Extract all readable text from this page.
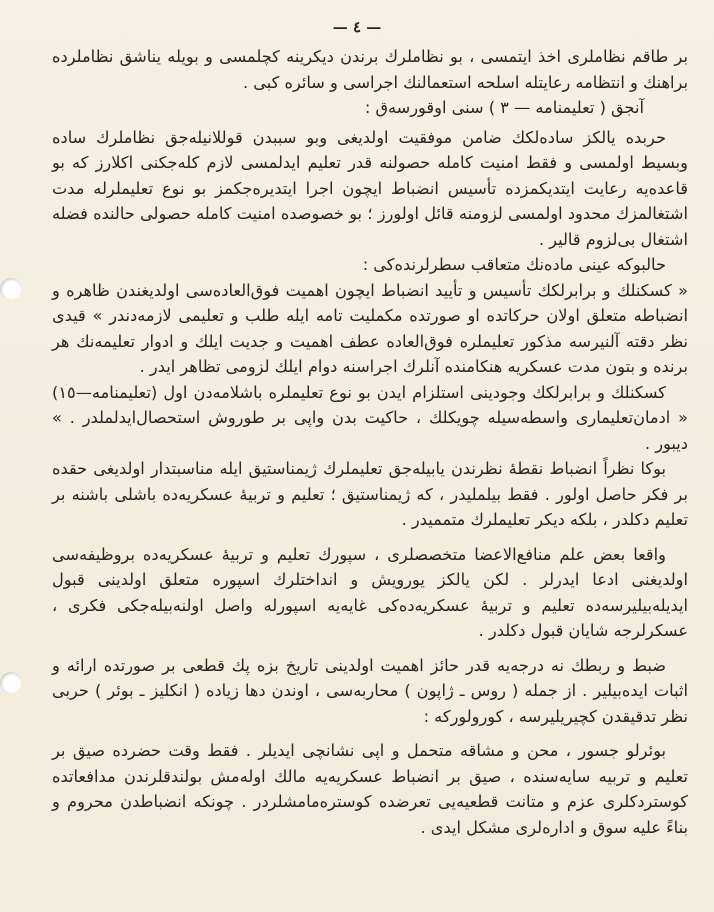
— ٤ —

بر طاقم نظاملرى اخذ ايتمسى ، بو نظاملرك برندن ديكرينه كچلمسى و بويله يناشق نظاملرده براهنك و انتظامه رعايتله اسلحه استعمالنك اجراسى و سائره كبى .

آنجق ( تعليمنامه — ٣ ) سنى اوقورسەق :

حربده يالكز سادەلكك ضامن موفقيت اولديغى وبو سببدن قوللانيلەجق نظاملرك ساده وبسيط اولمسى و فقط امنيت كامله حصولنه قدر تعليم ايدلمسى لازم كلەجكنى اكلارز كه بو قاعدەيه رعايت ايتديكمزده تأسيس انضباط ايچون اجرا ايتديرەجكمز بو نوع تعليملرله مدت اشتغالمزك محدود اولمسى لزومنه قائل اولورز ؛ بو خصوصده امنيت كامله حصولى حالنده فضله اشتغال بى‌لزوم قالير .

حالبوكه عينى مادەنك متعاقب سطرلرندەكى :

« كسكنلك و برابرلكك تأسيس و تأييد انضباط ايچون اهميت فوق‌العادەسى اولديغندن ظاهره و انضباطه متعلق اولان حركاتده او صورتده مكمليت تامه ايله طلب و تعليمى لازمەدندر » قيدى نظر دقته آلنيرسه مذكور تعليملره فوق‌العاده عطف اهميت و جديت ايلك و ادوار تعليمەنك هر برنده و بتون مدت عسكريه هنكامنده آنلرك اجراسنه دوام ايلك لزومى تظاهر ايدر .

كسكنلك و برابرلكك وجودينى استلزام ايدن بو نوع تعليملره باشلامەدن اول (تعليمنامه—١٥) « ادمان‌تعليمارى واسطەسيله چويكلك ، حاكيت بدن واپى بر طوروش استحصال‌ايدلملدر . » ديبور .

بوكا نظراً انضباط نقطهٔ نظرندن يابيلەجق تعليملرك ژيمناستيق ايله مناسبتدار اولديغى حقده بر فكر حاصل اولور . فقط بيلمليدر ، كه ژيمناستيق ؛ تعليم و تربيهٔ عسكريەده باشلى باشنه بر تعليم دكلدر ، بلكه ديكر تعليملرك متمميدر .

واقعا بعض علم منافع‌الاعضا متخصصلرى ، سپورك تعليم و تربيهٔ عسكريەده بروظيفەسى اولديغنى ادعا ايدرلر . لكن يالكز يورويش و انداختلرك اسپوره متعلق اولدينى قبول ايديلەبيليرسەده تعليم و تربيهٔ عسكريەدەكى غايەيه اسپورله واصل اولنەبيلەجكى فكرى ، عسكرلرجه شايان قبول دكلدر .

ضبط و ربطك نه درجەيه قدر حائز اهميت اولدينى تاريخ بزه پك قطعى بر صورتده ارائه و اثبات ايدەبيلير . از جمله ( روس ـ ژاپون ) محاربەسى ، اوندن دها زياده ( انكليز ـ بوئر ) حربى نظر تدقيقدن كچيريليرسه ، كورولوركه :

بوئرلو جسور ، محن و مشاقه متحمل و اپى نشانچى ايديلر . فقط وقت حضرده صيق بر تعليم و تربيه سايەسنده ، صيق بر انضباط عسكريەيه مالك اولەمش بولندقلرندن مدافعاتده كوستردكلرى عزم و متانت قطعيەيى تعرضده كوسترەمامشلردر . چونكه انضباطدن محروم و بناءً عليه سوق و ادارەلرى مشكل ايدى .
